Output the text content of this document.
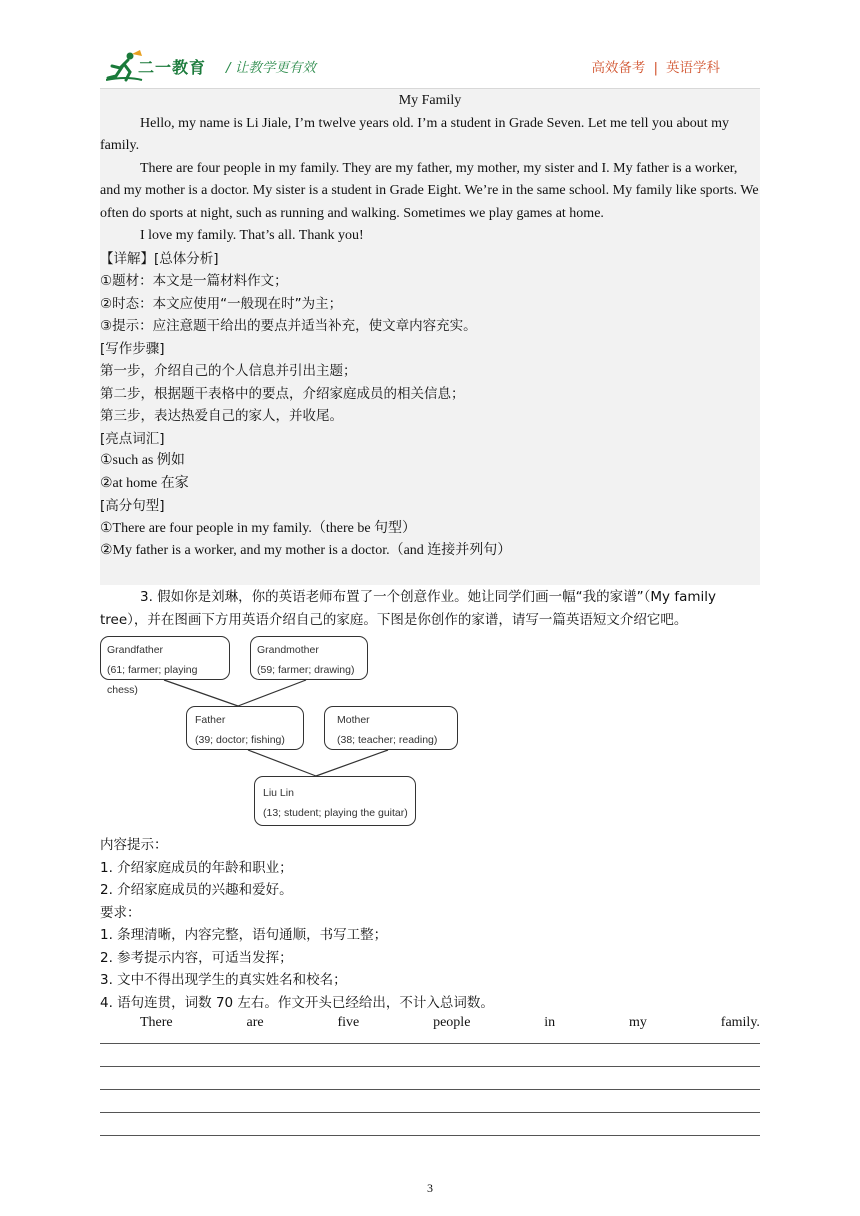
二一教育 / 让教学更有效	高效备考 | 英语学科

My Family

Hello, my name is Li Jiale, I’m twelve years old. I’m a student in Grade Seven. Let me tell you about my family.

There are four people in my family. They are my father, my mother, my sister and I. My father is a worker, and my mother is a doctor. My sister is a student in Grade Eight. We’re in the same school. My family like sports. We often do sports at night, such as running and walking. Sometimes we play games at home.

I love my family. That’s all. Thank you!

【详解】[总体分析]

①题材：本文是一篇材料作文；

②时态：本文应使用“一般现在时”为主；

③提示：应注意题干给出的要点并适当补充，使文章内容充实。

[写作步骤]

第一步，介绍自己的个人信息并引出主题；

第二步，根据题干表格中的要点，介绍家庭成员的相关信息；

第三步，表达热爱自己的家人，并收尾。

[亮点词汇]

①such as 例如

②at home 在家

[高分句型]

①There are four people in my family.（there be 句型）

②My father is a worker, and my mother is a doctor.（and 连接并列句）

3. 假如你是刘琳，你的英语老师布置了一个创意作业。她让同学们画一幅“我的家谱”（My family tree），并在图画下方用英语介绍自己的家庭。下图是你创作的家谱，请写一篇英语短文介绍它吧。

Grandfather
(61; farmer; playing chess)
Grandmother
(59; farmer; drawing)
Father
(39; doctor; fishing)
Mother
(38; teacher; reading)
Liu Lin
(13; student; playing the guitar)

内容提示：

1. 介绍家庭成员的年龄和职业；

2. 介绍家庭成员的兴趣和爱好。

要求：

1. 条理清晰，内容完整，语句通顺，书写工整；

2. 参考提示内容，可适当发挥；

3. 文中不得出现学生的真实姓名和校名；

4. 语句连贯，词数 70 左右。作文开头已经给出，不计入总词数。

There	are	five	people	in	my	family.
3
